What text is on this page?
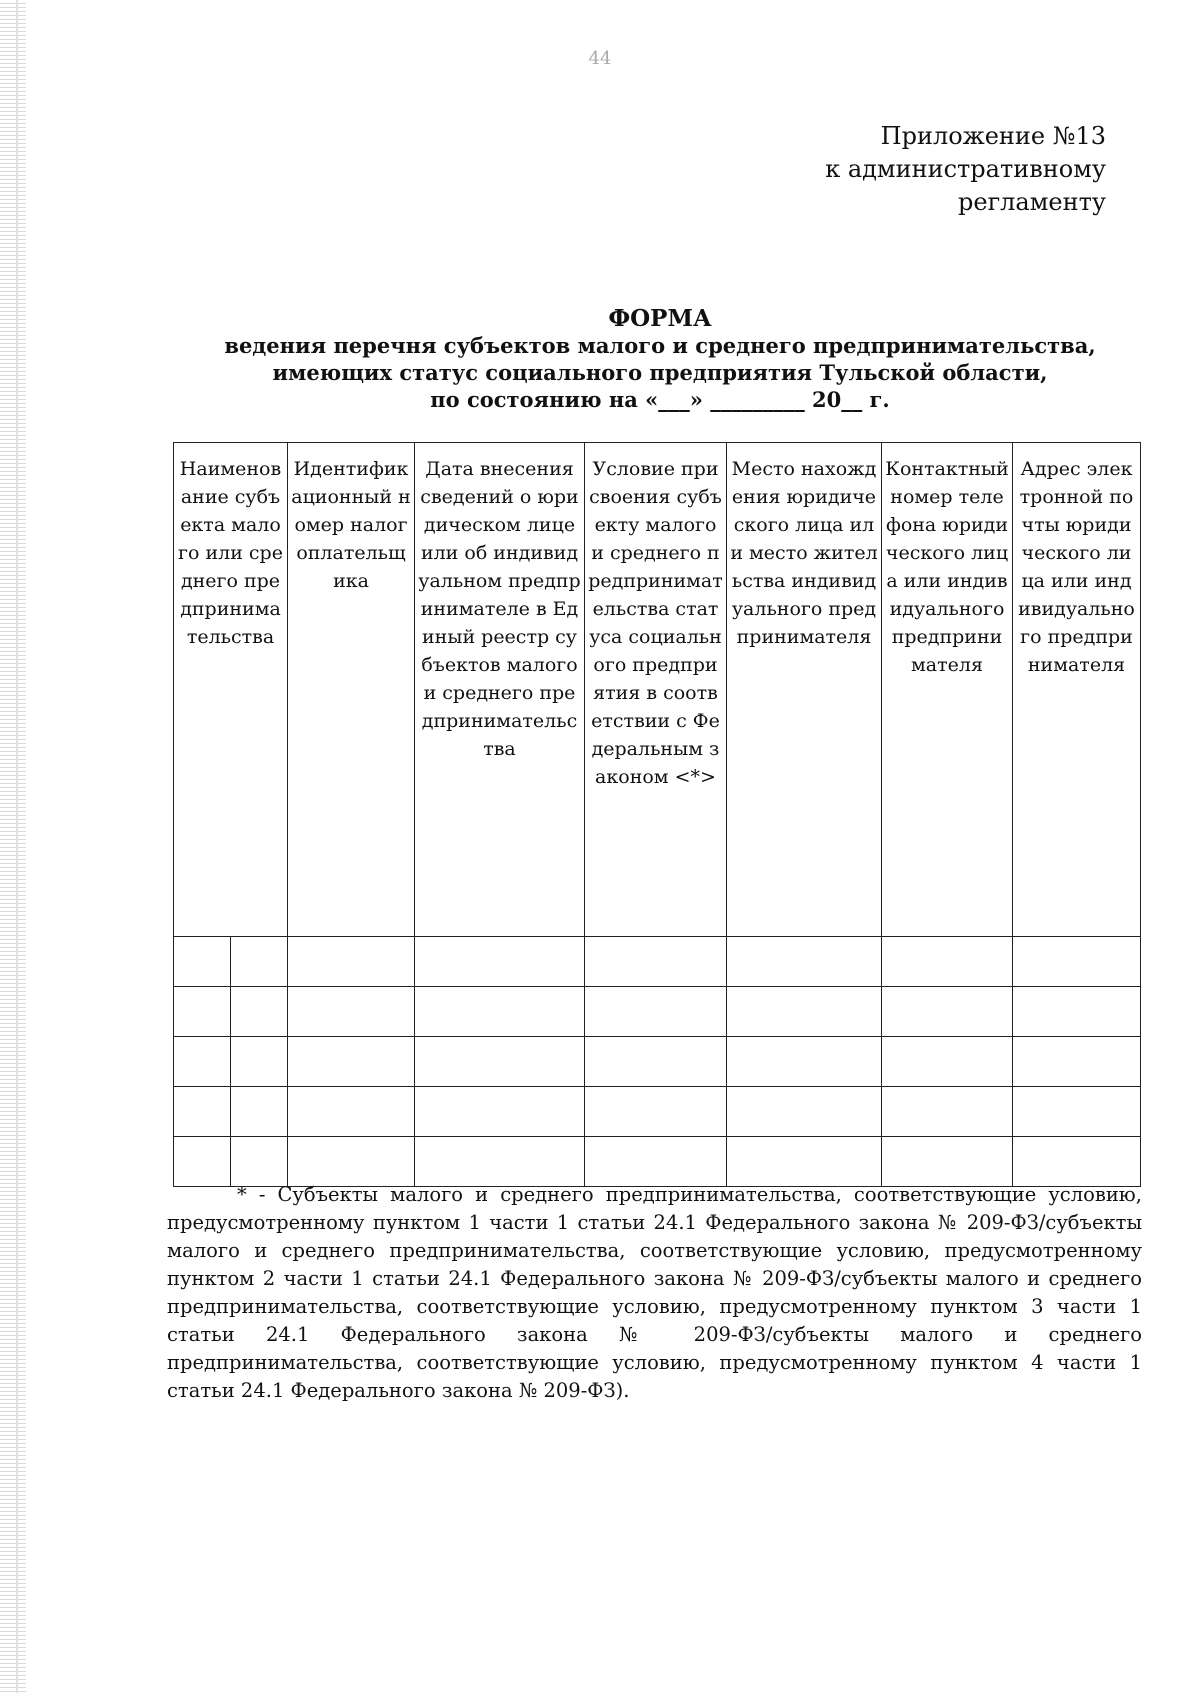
44
Приложение №13
к административному
регламенту
ФОРМА
ведения перечня субъектов малого и среднего предпринимательства,
имеющих статус социального предприятия Тульской области,
по состоянию на «___» _________ 20__ г.
Наименование субъекта малого или среднего предпринимательства		Идентификационный номер налогоплательщика	Дата внесения сведений о юридическом лице или об индивидуальном предпринимателе в Единый реестр субъектов малого и среднего предпринимательства	Условие присвоения субъекту малого и среднего предпринимательства статуса социального предприятия в соответствии с Федеральным законом <*>	Место нахождения юридического лица или место жительства индивидуального предпринимателя	Контактный номер телефона юридического лица или индивидуального предпринимателя	Адрес электронной почты юридического лица или индивидуального предпринимателя

* - Субъекты малого и среднего предпринимательства, соответствующие условию, предусмотренному пунктом 1 части 1 статьи 24.1 Федерального закона № 209-ФЗ/субъекты малого и среднего предпринимательства, соответствующие условию, предусмотренному пунктом 2 части 1 статьи 24.1 Федерального закона № 209-ФЗ/субъекты малого и среднего предпринимательства, соответствующие условию, предусмотренному пунктом 3 части 1 статьи 24.1 Федерального закона № 209-ФЗ/субъекты малого и среднего предпринимательства, соответствующие условию, предусмотренному пунктом 4 части 1 статьи 24.1 Федерального закона № 209-ФЗ).
